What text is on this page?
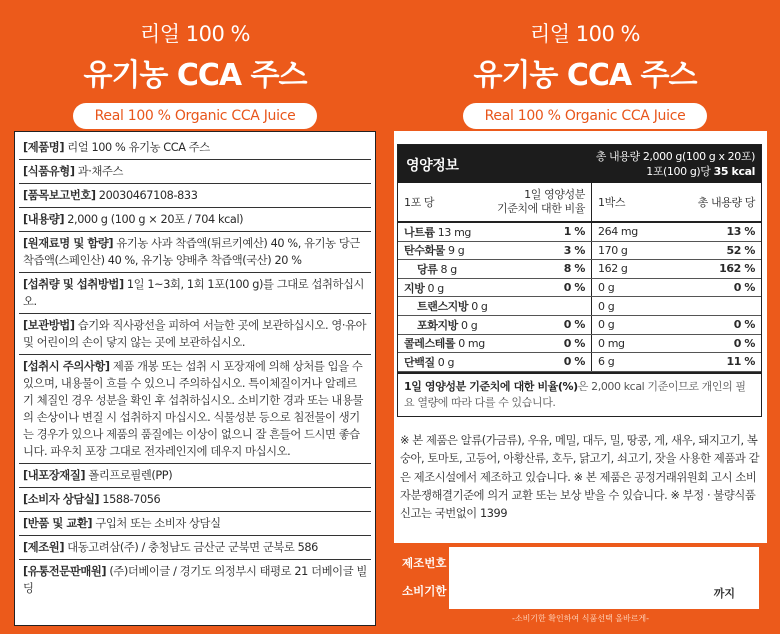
리얼 100 %
유기농 CCA 주스
Real 100 % Organic CCA Juice
리얼 100 %
유기농 CCA 주스
Real 100 % Organic CCA Juice
[ 제품명 ] 리얼 100 % 유기농 CCA 주스
[ 식품유형 ] 과·채주스
[ 품목보고번호 ] 20030467108-833
[ 내용량 ] 2,000 g (100 g × 20포 / 704 kcal)
[ 원재료명 및 함량 ] 유기농 사과 착즙액(튀르키예산) 40 %, 유기농 당근 착즙액(스페인산) 40 %, 유기농 양배추 착즙액(국산) 20 %
[ 섭취량 및 섭취방법 ] 1일 1~3회, 1회 1포(100 g)를 그대로 섭취하십시오.
[ 보관방법 ] 습기와 직사광선을 피하여 서늘한 곳에 보관하십시오. 영·유아 및 어린이의 손이 닿지 않는 곳에 보관하십시오.
[ 섭취시 주의사항 ] 제품 개봉 또는 섭취 시 포장재에 의해 상처를 입을 수 있으며, 내용물이 흐를 수 있으니 주의하십시오. 특이체질이거나 알레르기 체질인 경우 성분을 확인 후 섭취하십시오. 소비기한 경과 또는 내용물의 손상이나 변질 시 섭취하지 마십시오. 식물성분 등으로 침전물이 생기는 경우가 있으나 제품의 품질에는 이상이 없으니 잘 흔들어 드시면 좋습니다. 파우치 포장 그대로 전자레인지에 데우지 마십시오.
[ 내포장재질 ] 폴리프로필렌(PP)
[ 소비자 상담실 ] 1588-7056
[ 반품 및 교환 ] 구입처 또는 소비자 상담실
[ 제조원 ] 대동고려삼(주) / 충청남도 금산군 군북면 군북로 586
[ 유통전문판매원 ] (주)더베이글 / 경기도 의정부시 태평로 21 더베이글 빌딩
영양정보
총 내용량 2,000 g(100 g x 20포)
1포(100 g)당 35 kcal
1포 당
1일 영양성분
기준치에 대한 비율 1박스	총 내용량 당
나트륨 13 mg	1 % 264 mg	13 %
탄수화물 9 g	3 % 170 g	52 %
당류 8 g	8 % 162 g	162 %
지방 0 g	0 % 0 g	0 %
트랜스지방 0 g	0 g
포화지방 0 g	0 % 0 g	0 %
콜레스테롤 0 mg	0 % 0 mg	0 %
단백질 0 g	0 % 6 g	11 %
1일 영양성분 기준치에 대한 비율(%)은 2,000 kcal 기준이므로 개인의 필요 열량에 따라 다를 수 있습니다.
※ 본 제품은 알류(가금류), 우유, 메밀, 대두, 밀, 땅콩, 게, 새우, 돼지고기, 복숭아, 토마토, 고등어, 아황산류, 호두, 닭고기, 쇠고기, 잣을 사용한 제품과 같은 제조시설에서 제조하고 있습니다. ※ 본 제품은 공정거래위원회 고시 소비자분쟁해결기준에 의거 교환 또는 보상 받을 수 있습니다. ※ 부정 · 불량식품 신고는 국번없이 1399
제조번호
소비기한	까지
-소비기한 확인하여 식품선택 올바르게-
